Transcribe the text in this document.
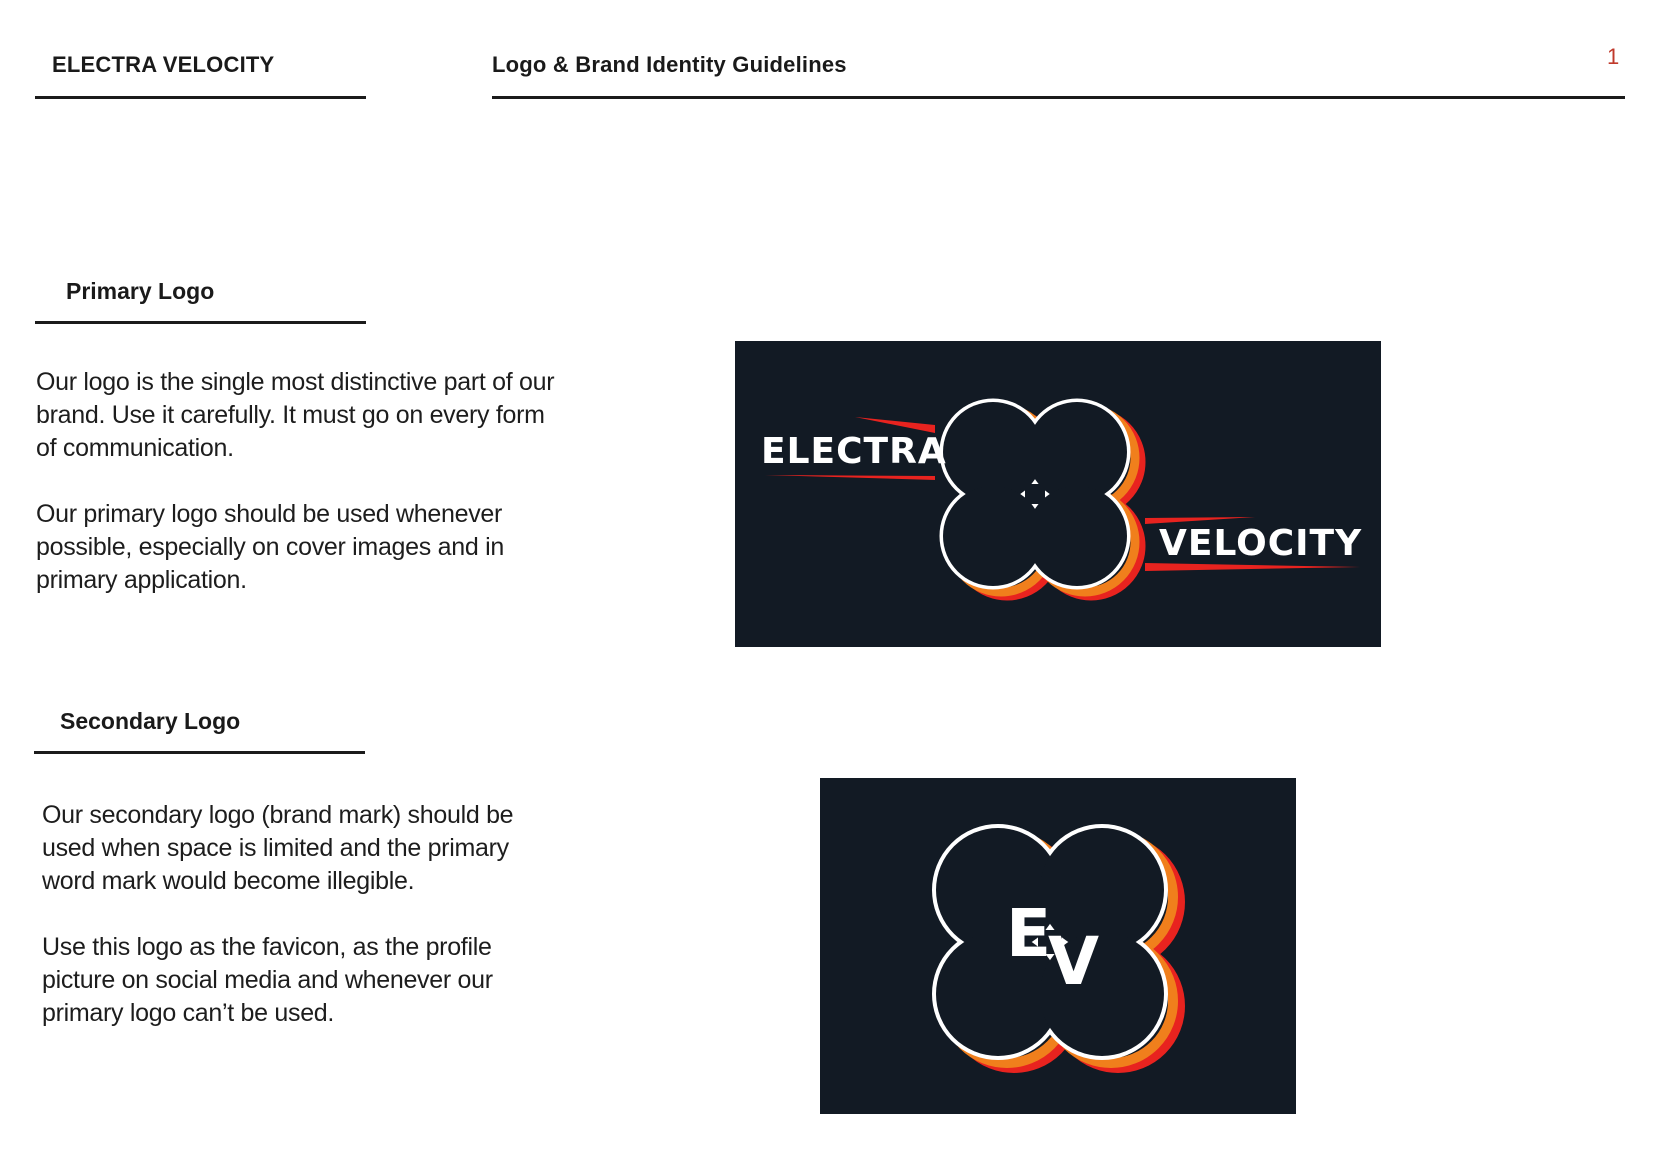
ELECTRA VELOCITY	Logo & Brand Identity Guidelines	1
Primary Logo

Our logo is the single most distinctive part of our brand. Use it carefully. It must go on every form of communication.

Our primary logo should be used whenever possible, especially on cover images and in primary application.

ELECTRA
VELOCITY
Secondary Logo

Our secondary logo (brand mark) should be used when space is limited and the primary word mark would become illegible.

Use this logo as the favicon, as the profile picture on social media and whenever our primary logo can’t be used.

E
V
